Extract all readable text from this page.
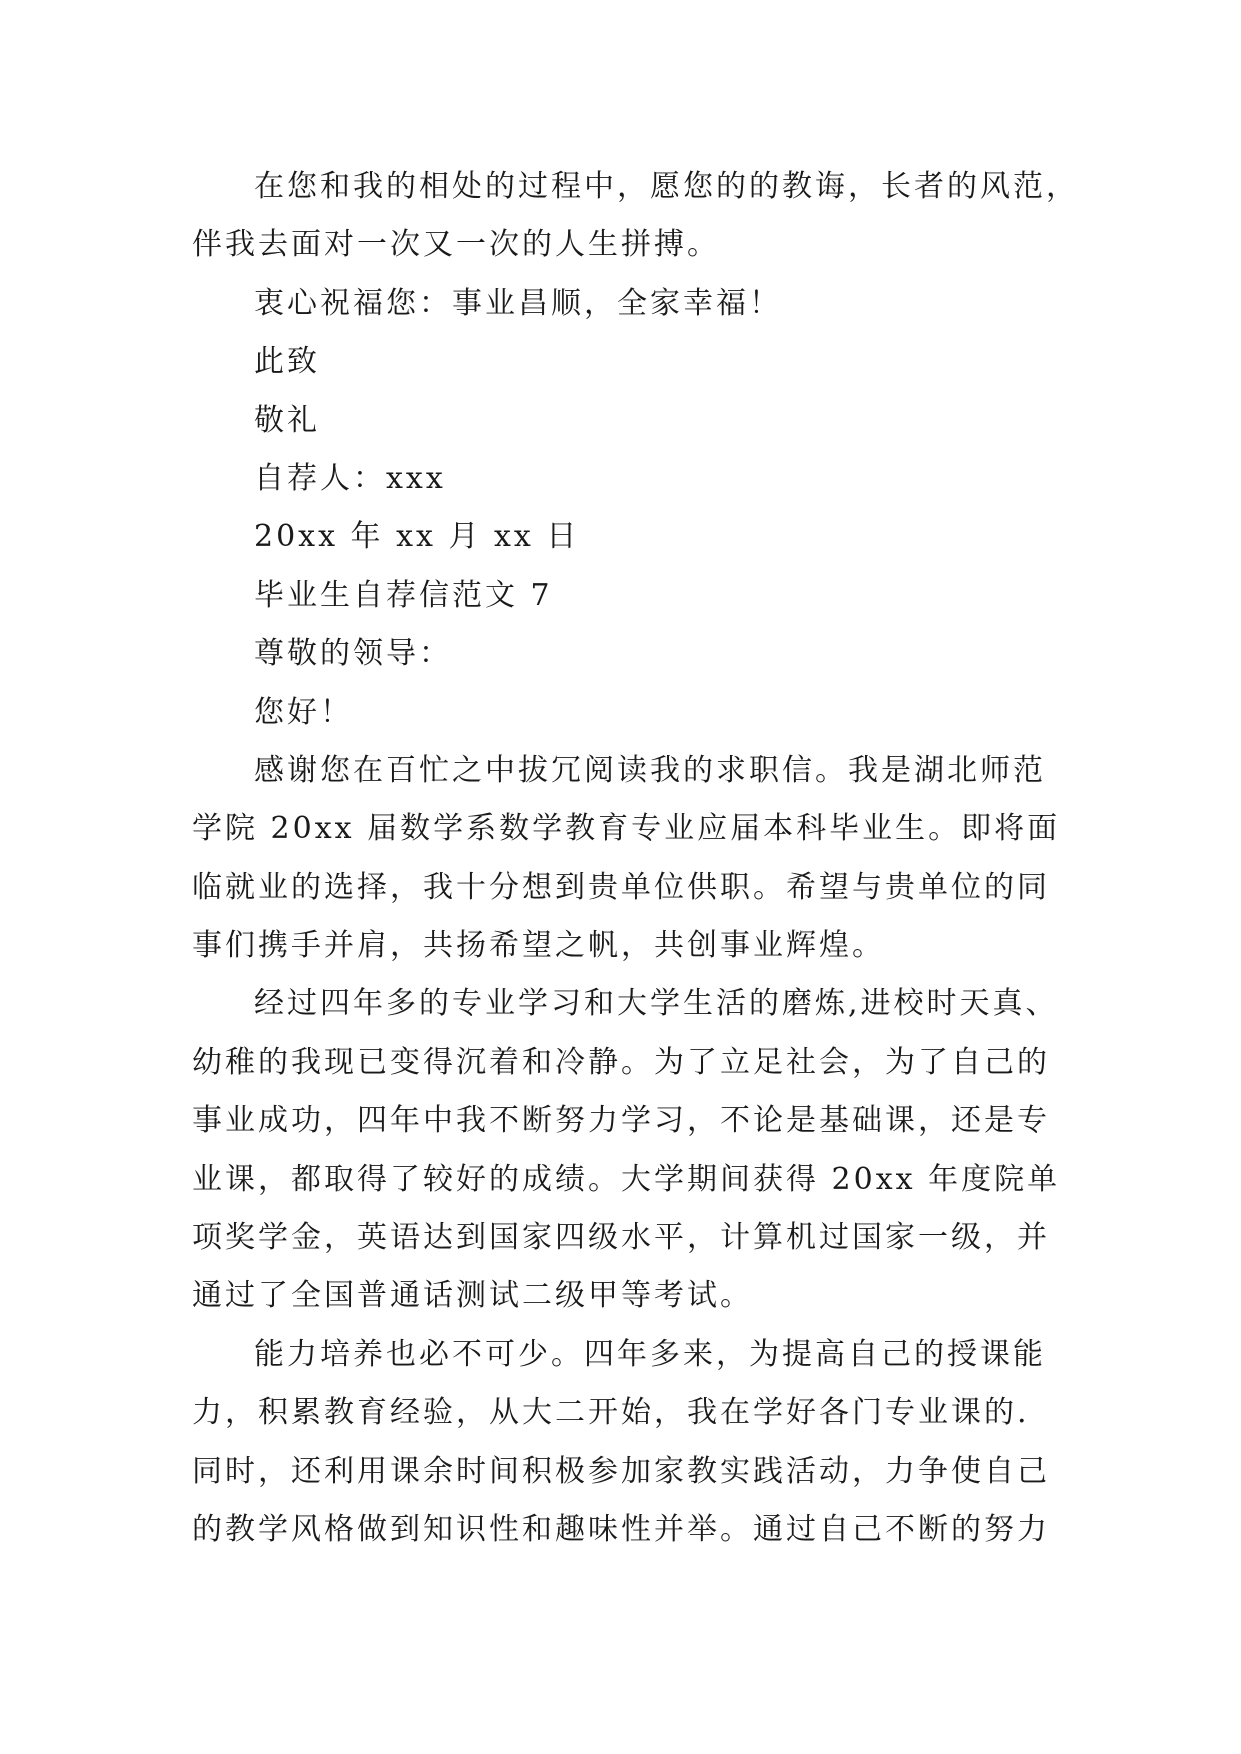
在您和我的相处的过程中，愿您的的教诲，长者的风范，
伴我去面对一次又一次的人生拼搏。
衷心祝福您：事业昌顺，全家幸福！
此致
敬礼
自荐人：xxx
20xx 年 xx 月 xx 日
毕业生自荐信范文 7
尊敬的领导：
您好！
感谢您在百忙之中拔冗阅读我的求职信。我是湖北师范
学院 20xx 届数学系数学教育专业应届本科毕业生。即将面
临就业的选择，我十分想到贵单位供职。希望与贵单位的同
事们携手并肩，共扬希望之帆，共创事业辉煌。
经过四年多的专业学习和大学生活的磨炼,进校时天真、
幼稚的我现已变得沉着和冷静。为了立足社会，为了自己的
事业成功，四年中我不断努力学习，不论是基础课，还是专
业课，都取得了较好的成绩。大学期间获得 20xx 年度院单
项奖学金，英语达到国家四级水平，计算机过国家一级，并
通过了全国普通话测试二级甲等考试。
能力培养也必不可少。四年多来，为提高自己的授课能
力，积累教育经验，从大二开始，我在学好各门专业课的.
同时，还利用课余时间积极参加家教实践活动，力争使自己
的教学风格做到知识性和趣味性并举。通过自己不断的努力
